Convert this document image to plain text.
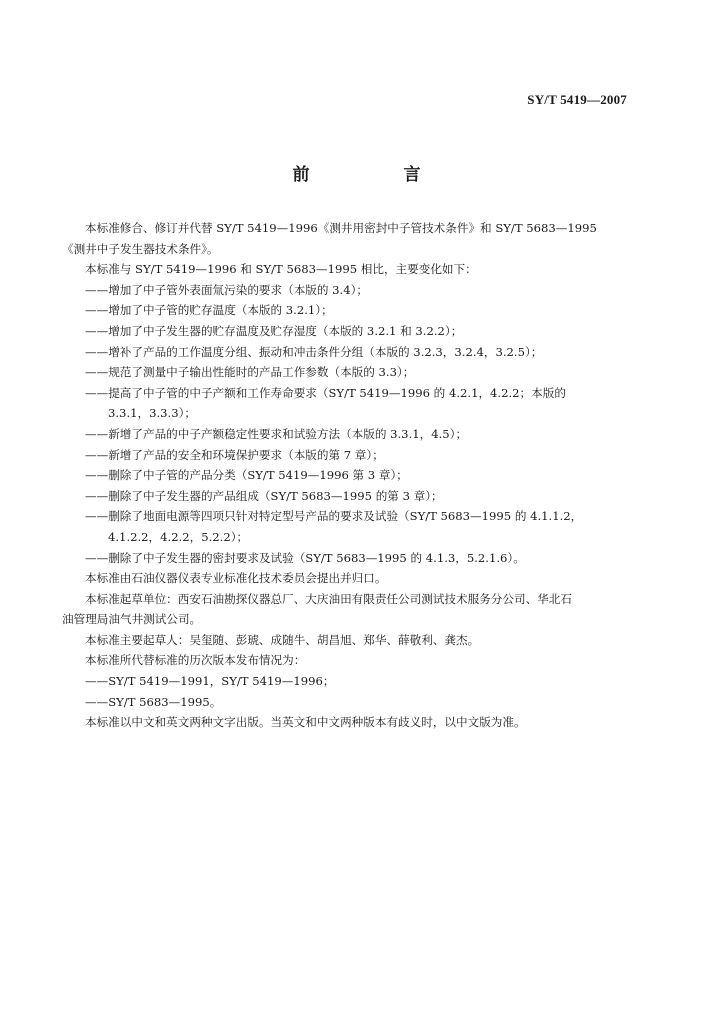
SY/T 5419—2007
前 言
本标准修合、修订并代替 SY/T 5419—1996《测井用密封中子管技术条件》和 SY/T 5683—1995
《测井中子发生器技术条件》。
本标准与 SY/T 5419—1996 和 SY/T 5683—1995 相比，主要变化如下：
——增加了中子管外表面氚污染的要求（本版的 3.4）；
——增加了中子管的贮存温度（本版的 3.2.1）；
——增加了中子发生器的贮存温度及贮存湿度（本版的 3.2.1 和 3.2.2）；
——增补了产品的工作温度分组、振动和冲击条件分组（本版的 3.2.3，3.2.4，3.2.5）；
——规范了测量中子输出性能时的产品工作参数（本版的 3.3）；
——提高了中子管的中子产额和工作寿命要求（SY/T 5419—1996 的 4.2.1，4.2.2；本版的
3.3.1，3.3.3）；
——新增了产品的中子产额稳定性要求和试验方法（本版的 3.3.1，4.5）；
——新增了产品的安全和环境保护要求（本版的第 7 章）；
——删除了中子管的产品分类（SY/T 5419—1996 第 3 章）；
——删除了中子发生器的产品组成（SY/T 5683—1995 的第 3 章）；
——删除了地面电源等四项只针对特定型号产品的要求及试验（SY/T 5683—1995 的 4.1.1.2，
4.1.2.2，4.2.2，5.2.2）；
——删除了中子发生器的密封要求及试验（SY/T 5683—1995 的 4.1.3，5.2.1.6）。
本标准由石油仪器仪表专业标准化技术委员会提出并归口。
本标准起草单位：西安石油勘探仪器总厂、大庆油田有限责任公司测试技术服务分公司、华北石
油管理局油气井测试公司。
本标准主要起草人：吴玺随、彭琥、成随牛、胡昌旭、郑华、薛敬利、龚杰。
本标准所代替标准的历次版本发布情况为：
——SY/T 5419—1991，SY/T 5419—1996；
——SY/T 5683—1995。
本标准以中文和英文两种文字出版。当英文和中文两种版本有歧义时，以中文版为准。
